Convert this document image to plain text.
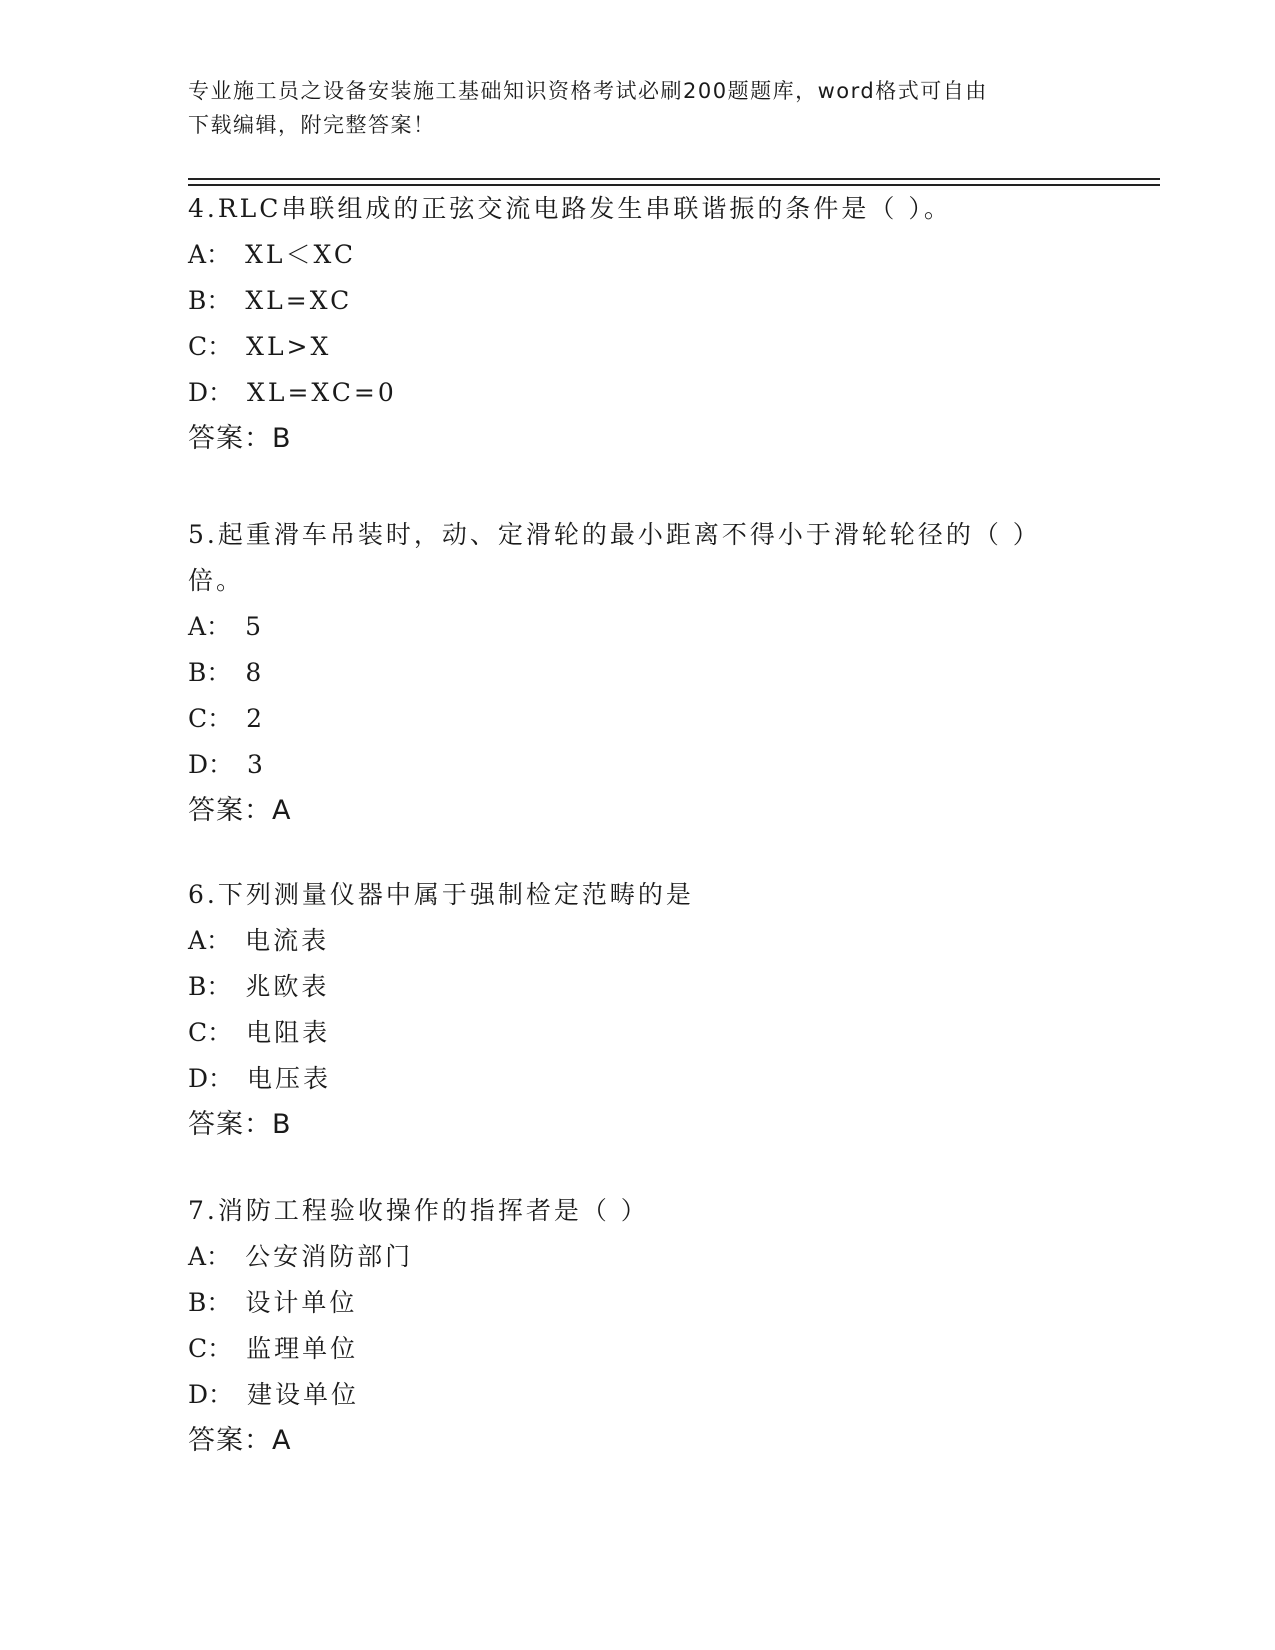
专业施工员之设备安装施工基础知识资格考试必刷200题题库，word格式可自由
下载编辑，附完整答案！
4.RLC串联组成的正弦交流电路发生串联谐振的条件是（ ）。
A： XL＜XC
B： XL=XC
C： XL>X
D： XL=XC=0
答案：B
5.起重滑车吊装时，动、定滑轮的最小距离不得小于滑轮轮径的（ ）
倍。
A： 5
B： 8
C： 2
D： 3
答案：A
6.下列测量仪器中属于强制检定范畴的是
A： 电流表
B： 兆欧表
C： 电阻表
D： 电压表
答案：B
7.消防工程验收操作的指挥者是（ ）
A： 公安消防部门
B： 设计单位
C： 监理单位
D： 建设单位
答案：A
